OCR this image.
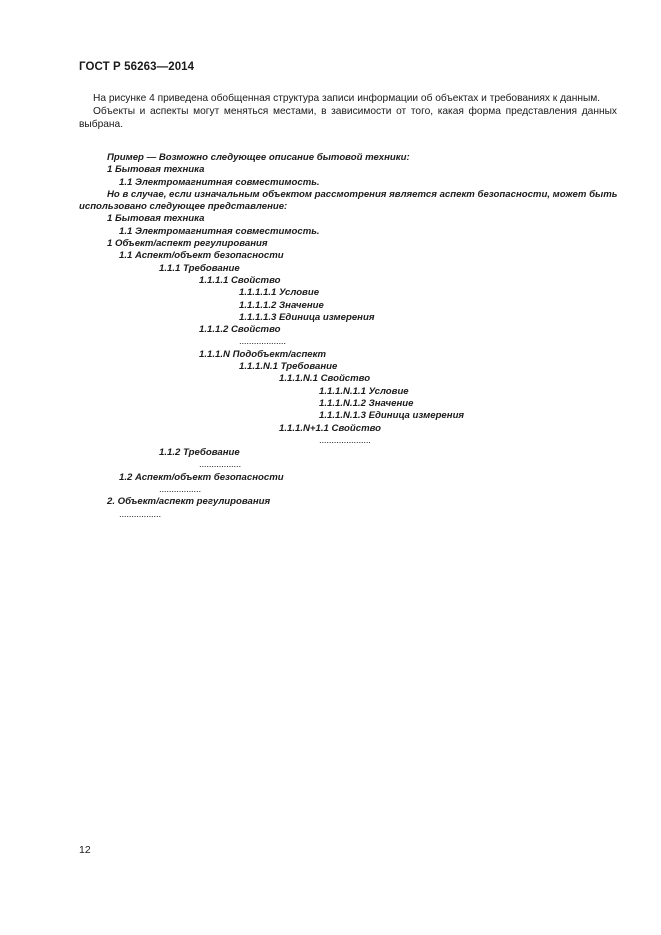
ГОСТ Р 56263—2014

На рисунке 4 приведена обобщенная структура записи информации об объектах и требованиях к данным.

Объекты и аспекты могут меняться местами, в зависимости от того, какая форма представления данных выбрана.

Пример — Возможно следующее описание бытовой техники:
1 Бытовая техника
1.1 Электромагнитная совместимость.
Но в случае, если изначальным объектом рассмотрения является аспект безопасности, может быть использовано следующее представление:
1 Бытовая техника
1.1 Электромагнитная совместимость.
1 Объект/аспект регулирования
1.1 Аспект/объект безопасности
1.1.1 Требование
1.1.1.1 Свойство
1.1.1.1.1 Условие
1.1.1.1.2 Значение
1.1.1.1.3 Единица измерения
1.1.1.2 Свойство
...................
1.1.1.N Подобъект/аспект
1.1.1.N.1 Требование
1.1.1.N.1 Свойство
1.1.1.N.1.1 Условие
1.1.1.N.1.2 Значение
1.1.1.N.1.3 Единица измерения
1.1.1.N+1.1 Свойство
.....................
1.1.2 Требование
.................
1.2 Аспект/объект безопасности
.................
2. Объект/аспект регулирования
.................
12
